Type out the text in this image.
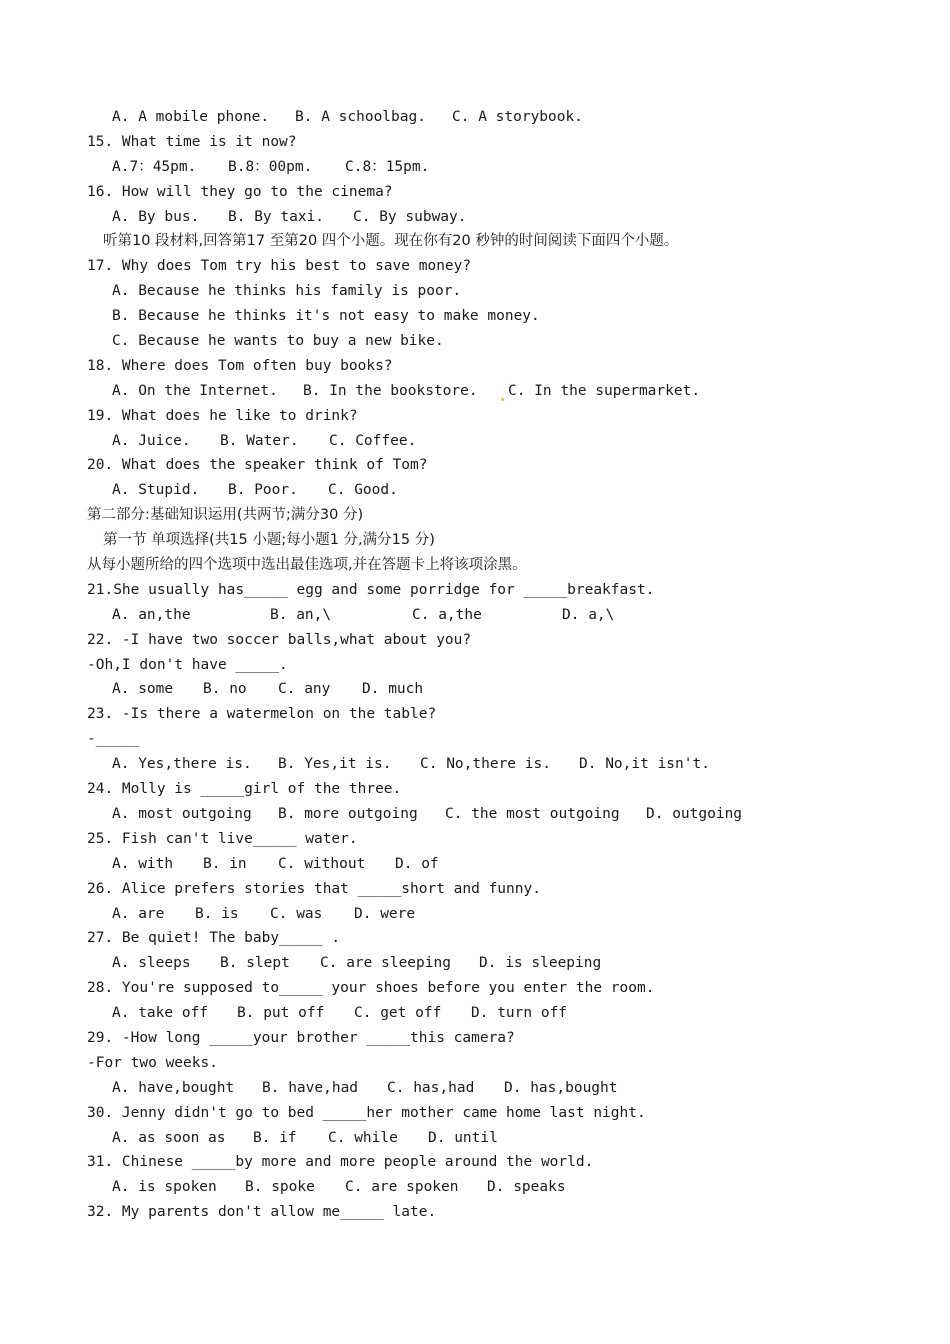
A. A mobile phone. B. A schoolbag. C. A storybook.
15. What time is it now?
A.7：45pm. B.8：00pm. C.8：15pm.
16. How will they go to the cinema?
A. By bus. B. By taxi. C. By subway.
听第10 段材料,回答第17 至第20 四个小题。现在你有20 秒钟的时间阅读下面四个小题。
17. Why does Tom try his best to save money?
A. Because he thinks his family is poor.
B. Because he thinks it's not easy to make money.
C. Because he wants to buy a new bike.
18. Where does Tom often buy books?
A. On the Internet. B. In the bookstore. C. In the supermarket.
19. What does he like to drink?
A. Juice. B. Water. C. Coffee.
20. What does the speaker think of Tom?
A. Stupid. B. Poor. C. Good.
第二部分:基础知识运用(共两节;满分30 分)
第一节 单项选择(共15 小题;每小题1 分,满分15 分)
从每小题所给的四个选项中选出最佳选项,并在答题卡上将该项涂黑。
21.She usually has_____ egg and some porridge for _____breakfast.
A. an,the	B. an,\	C. a,the	D. a,\
22. -I have two soccer balls,what about you?
-Oh,I don't have _____.
A. some B. no C. any D. much
23. -Is there a watermelon on the table?
-_____
A. Yes,there is. B. Yes,it is. C. No,there is. D. No,it isn't.
24. Molly is _____girl of the three.
A. most outgoing B. more outgoing C. the most outgoing D. outgoing
25. Fish can't live_____ water.
A. with B. in C. without D. of
26. Alice prefers stories that _____short and funny.
A. are B. is C. was D. were
27. Be quiet! The baby_____ .
A. sleeps B. slept C. are sleeping D. is sleeping
28. You're supposed to_____ your shoes before you enter the room.
A. take off B. put off C. get off D. turn off
29. -How long _____your brother _____this camera?
-For two weeks.
A. have,bought B. have,had C. has,had D. has,bought
30. Jenny didn't go to bed _____her mother came home last night.
A. as soon as B. if C. while D. until
31. Chinese _____by more and more people around the world.
A. is spoken B. spoke C. are spoken D. speaks
32. My parents don't allow me_____ late.
